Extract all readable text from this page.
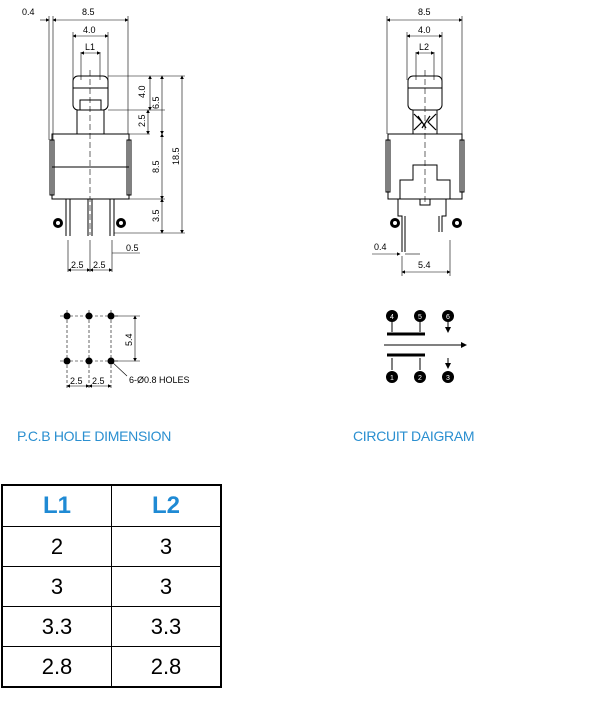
0.4	8.5
4.0
L1
4.0
6.5
2.5
8.5
18.5
3.5
0.5
2.5 2.5
8.5
4.0
L2
0.4
5.4
5.4
2.5 2.5	6-Ø0.8 HOLES
4	5	6
1	2	3
P.C.B HOLE DIMENSION	CIRCUIT DAIGRAM
L1	L2
2	3
3	3
3.3	3.3
2.8	2.8
